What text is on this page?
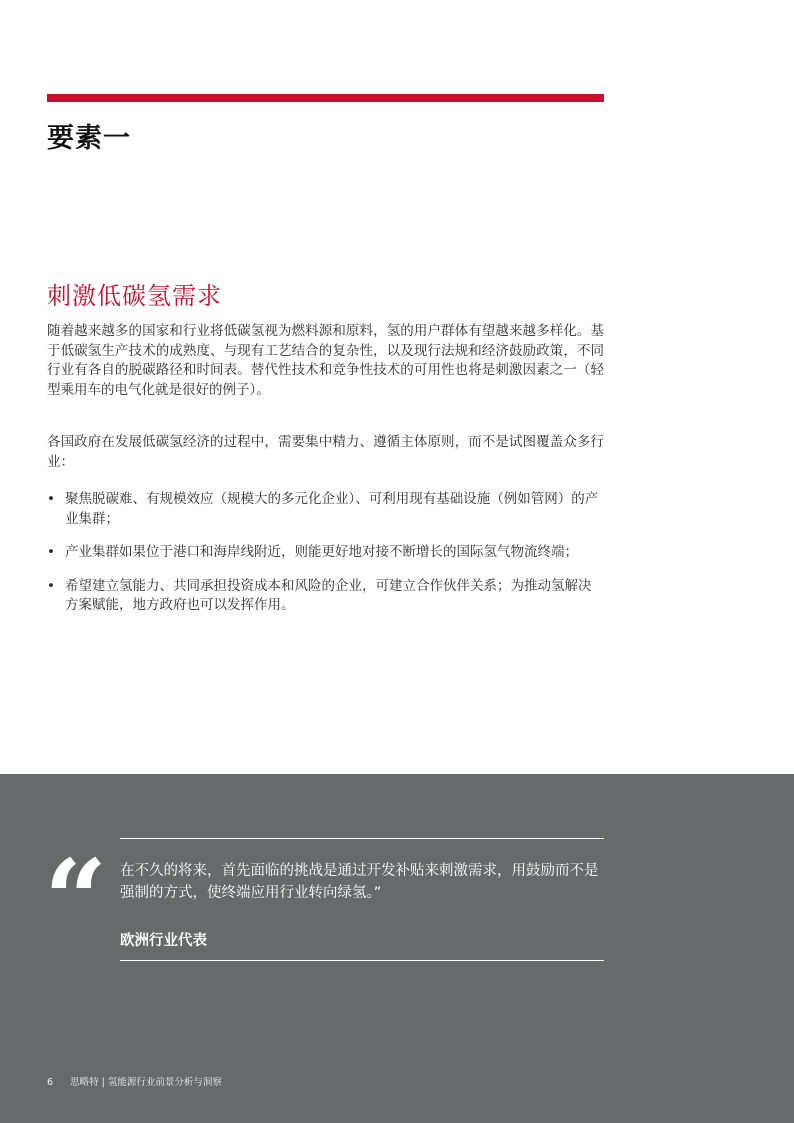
要素一
刺激低碳氢需求

随着越来越多的国家和行业将低碳氢视为燃料源和原料，氢的用户群体有望越来越多样化。基于低碳氢生产技术的成熟度、与现有工艺结合的复杂性，以及现行法规和经济鼓励政策，不同行业有各自的脱碳路径和时间表。替代性技术和竞争性技术的可用性也将是刺激因素之一（轻型乘用车的电气化就是很好的例子）。

各国政府在发展低碳氢经济的过程中，需要集中精力、遵循主体原则，而不是试图覆盖众多行业：

• 聚焦脱碳难、有规模效应（规模大的多元化企业）、可利用现有基础设施（例如管网）的产业集群；
• 产业集群如果位于港口和海岸线附近，则能更好地对接不断增长的国际氢气物流终端；
• 希望建立氢能力、共同承担投资成本和风险的企业，可建立合作伙伴关系；为推动氢解决方案赋能，地方政府也可以发挥作用。
“ 在不久的将来，首先面临的挑战是通过开发补贴来刺激需求，用鼓励而不是强制的方式，使终端应用行业转向绿氢。”
欧洲行业代表
6 思略特 | 氢能源行业前景分析与洞察
